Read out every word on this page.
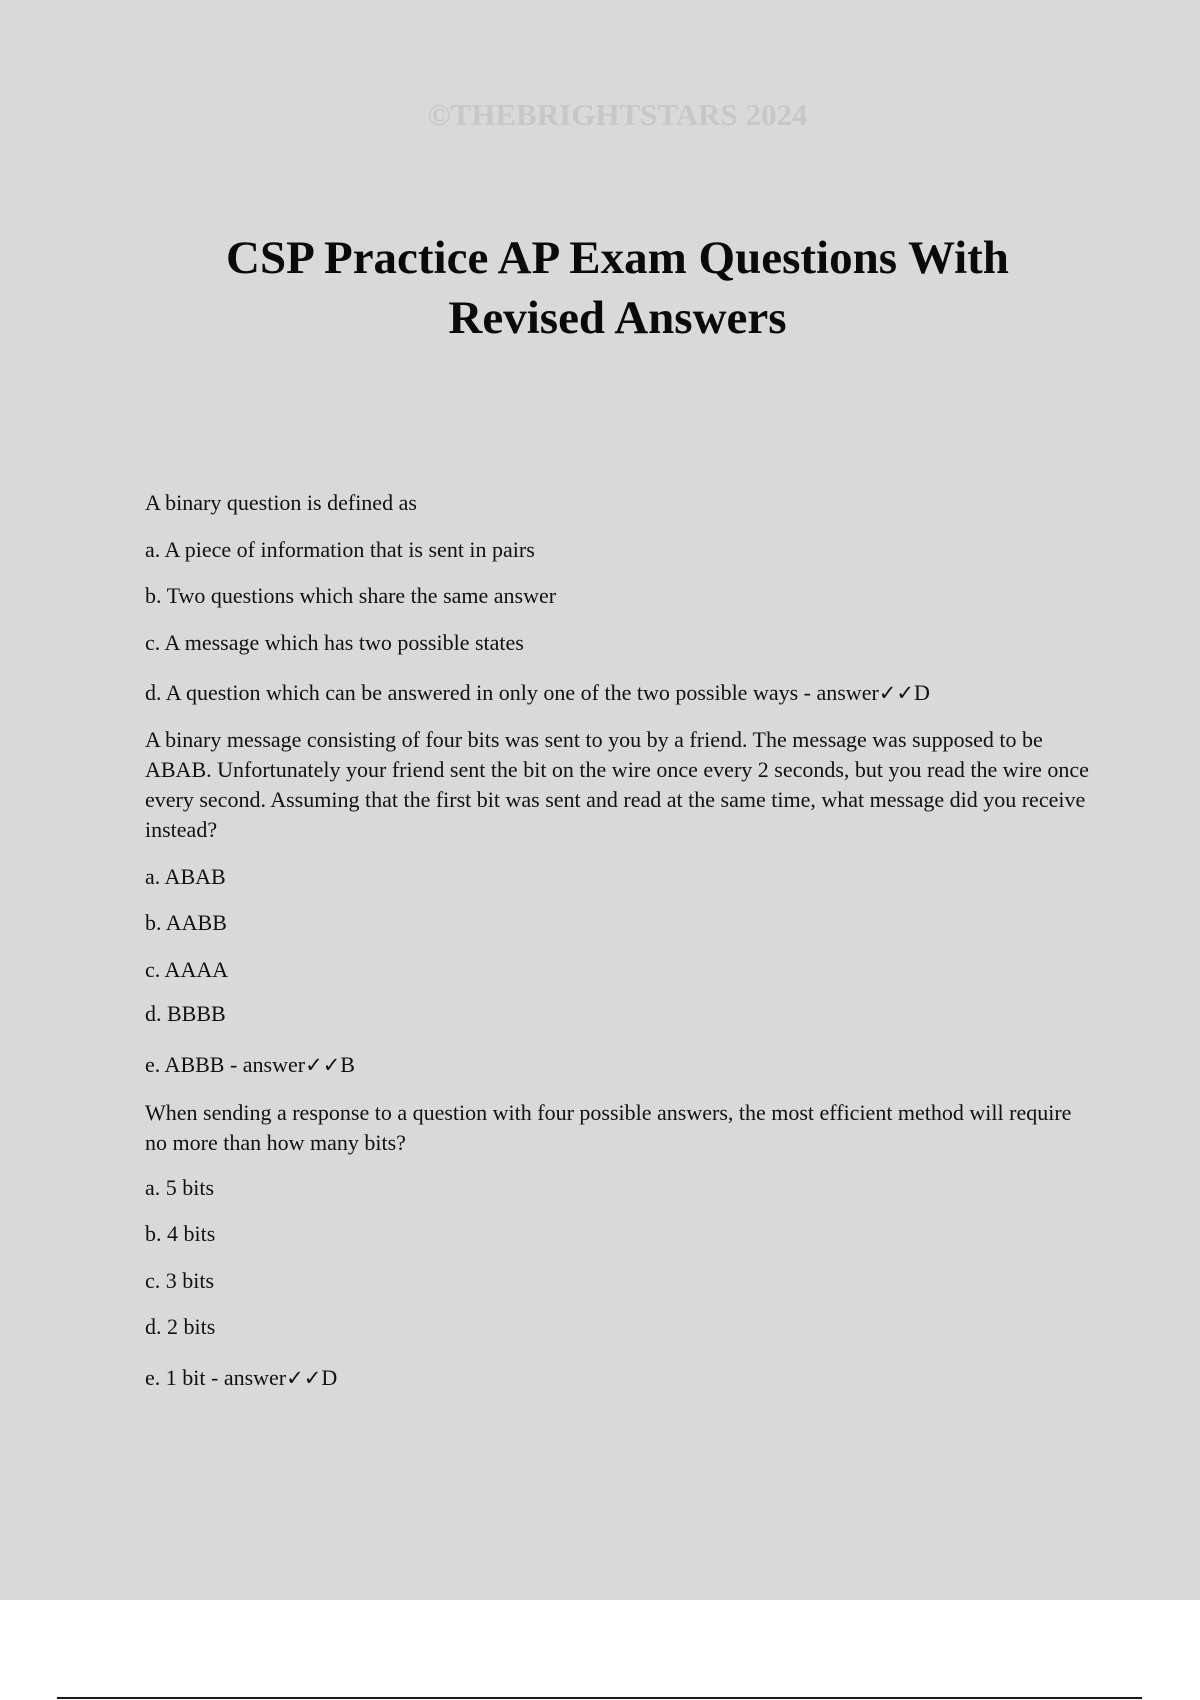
©THEBRIGHTSTARS 2024
CSP Practice AP Exam Questions With Revised Answers

A binary question is defined as

a. A piece of information that is sent in pairs

b. Two questions which share the same answer

c. A message which has two possible states

d. A question which can be answered in only one of the two possible ways - answer✓✓D

A binary message consisting of four bits was sent to you by a friend. The message was supposed to be ABAB. Unfortunately your friend sent the bit on the wire once every 2 seconds, but you read the wire once every second. Assuming that the first bit was sent and read at the same time, what message did you receive instead?

a. ABAB

b. AABB

c. AAAA

d. BBBB

e. ABBB - answer✓✓B

When sending a response to a question with four possible answers, the most efficient method will require no more than how many bits?

a. 5 bits

b. 4 bits

c. 3 bits

d. 2 bits

e. 1 bit - answer✓✓D
